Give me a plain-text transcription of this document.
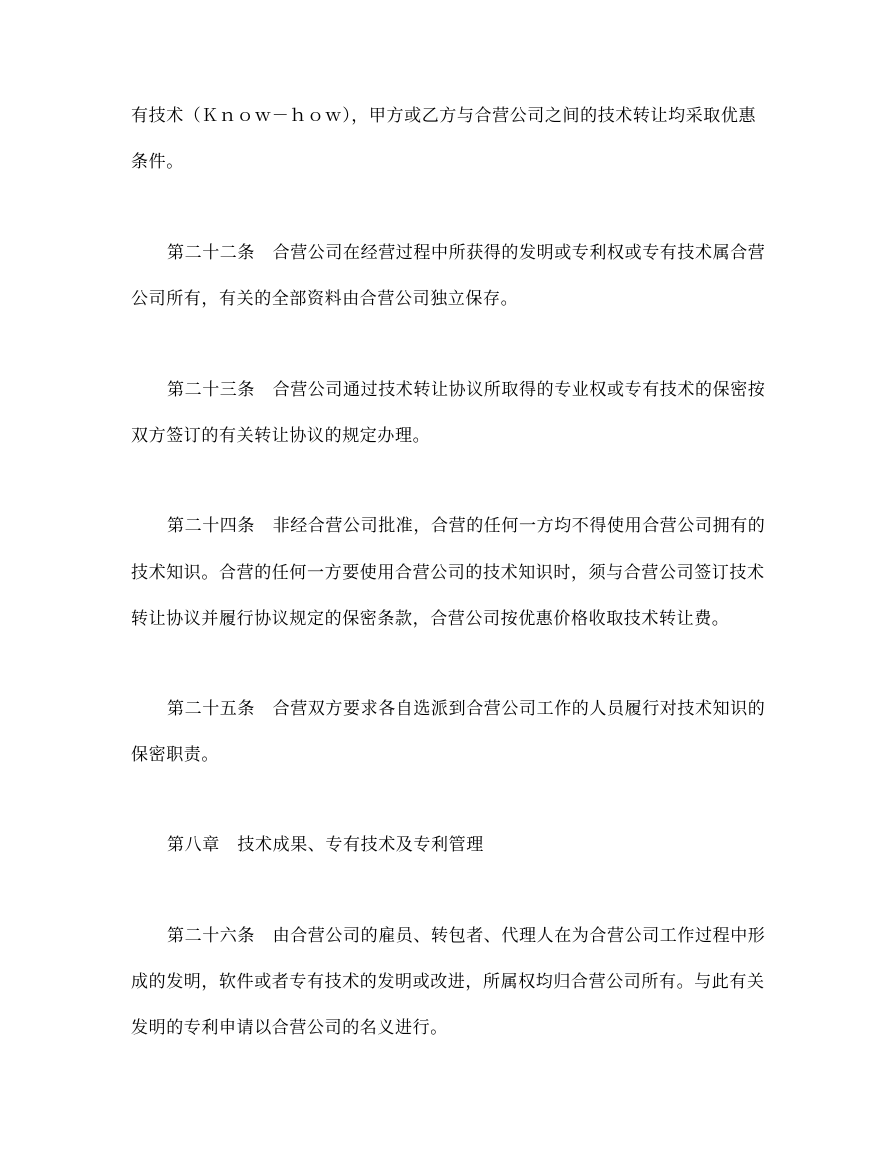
有技术（Ｋｎｏｗ－ｈｏｗ），甲方或乙方与合营公司之间的技术转让均采取优惠
条件。
第二十二条　合营公司在经营过程中所获得的发明或专利权或专有技术属合营
公司所有，有关的全部资料由合营公司独立保存。
第二十三条　合营公司通过技术转让协议所取得的专业权或专有技术的保密按
双方签订的有关转让协议的规定办理。
第二十四条　非经合营公司批准，合营的任何一方均不得使用合营公司拥有的
技术知识。合营的任何一方要使用合营公司的技术知识时，须与合营公司签订技术
转让协议并履行协议规定的保密条款，合营公司按优惠价格收取技术转让费。
第二十五条　合营双方要求各自选派到合营公司工作的人员履行对技术知识的
保密职责。
第八章　技术成果、专有技术及专利管理
第二十六条　由合营公司的雇员、转包者、代理人在为合营公司工作过程中形
成的发明，软件或者专有技术的发明或改进，所属权均归合营公司所有。与此有关
发明的专利申请以合营公司的名义进行。
